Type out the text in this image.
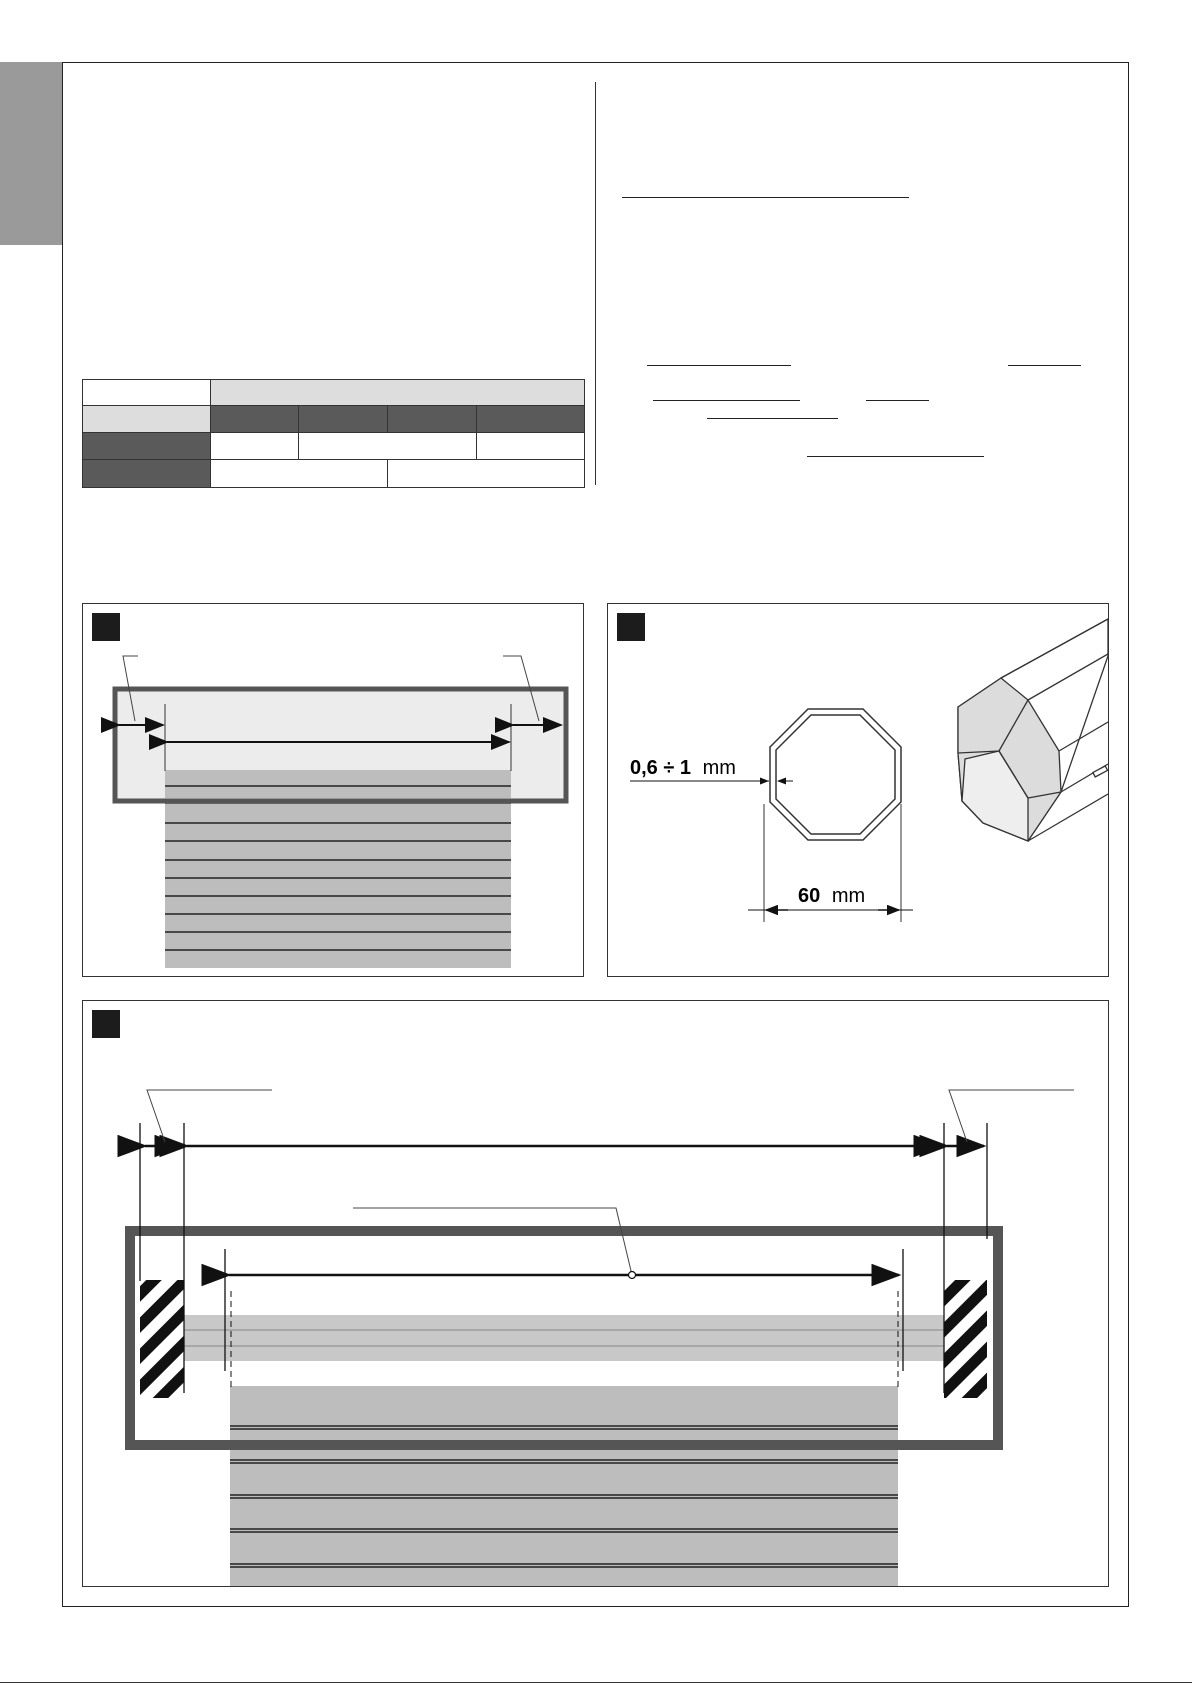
0,6 ÷ 1 mm
60 mm
